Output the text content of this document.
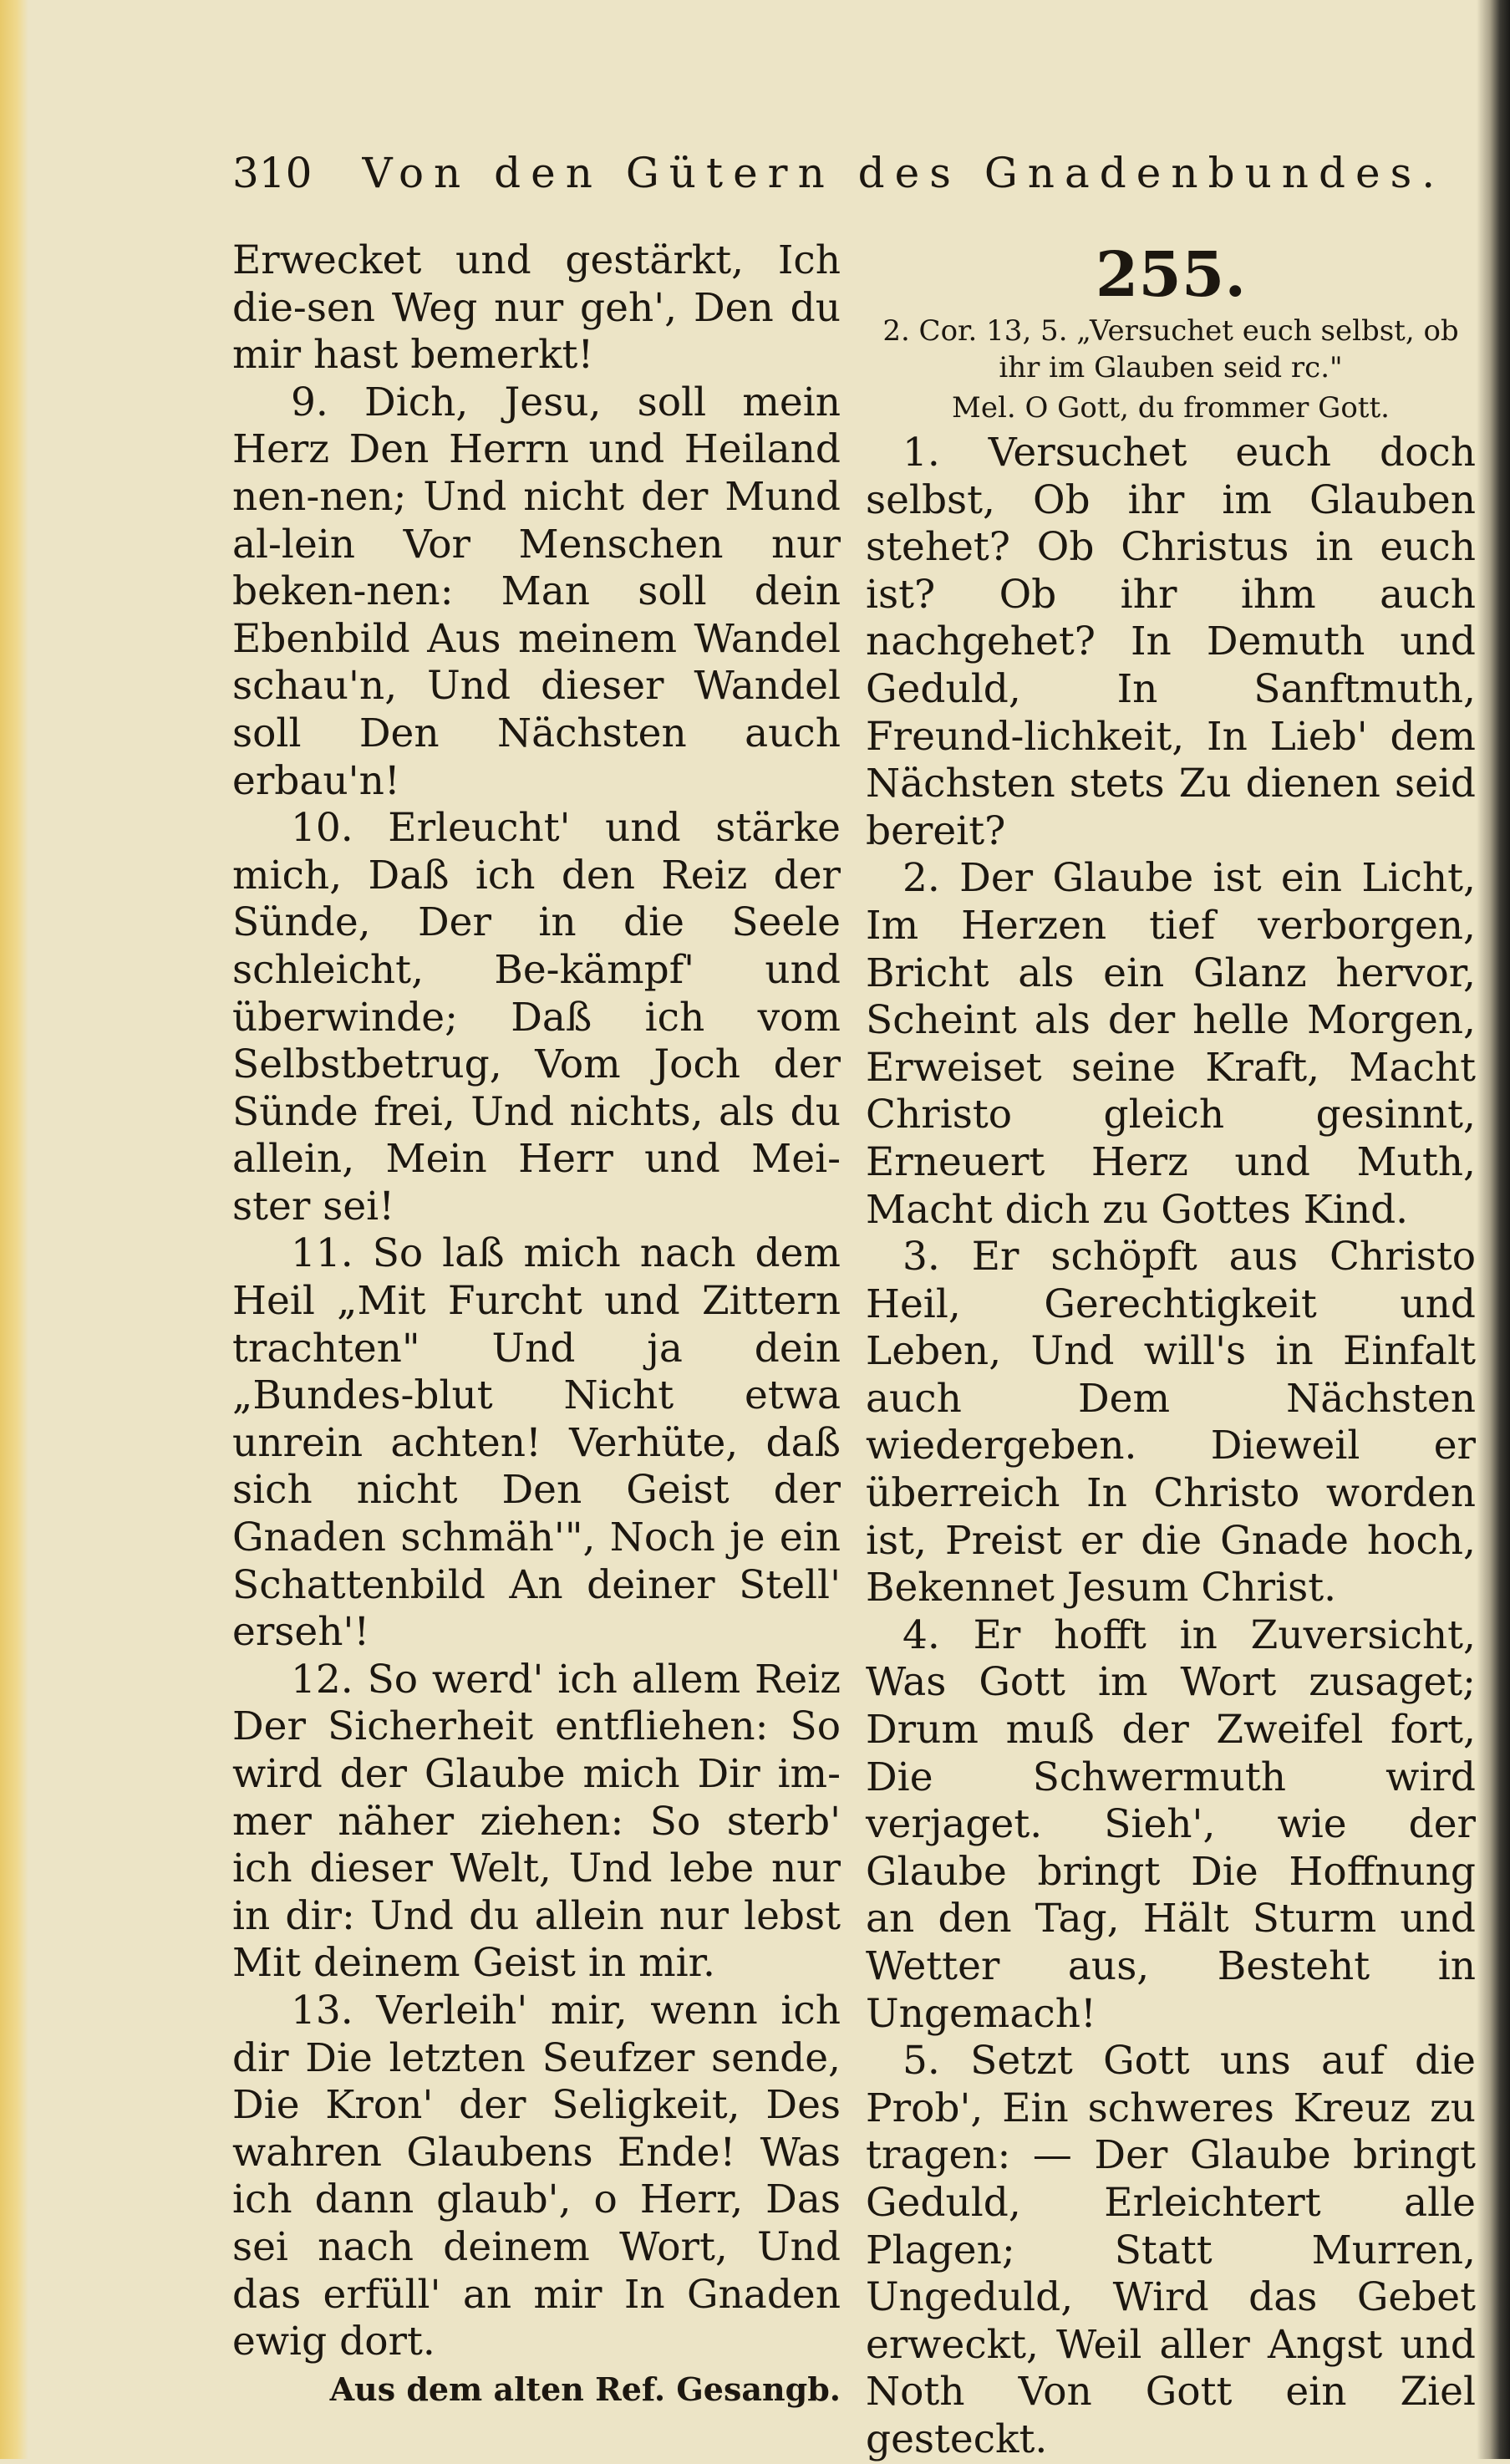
310 Von den Gütern des Gnadenbundes.

Erwecket und gestärkt, Ich die-sen Weg nur geh', Den du mir hast bemerkt!

9. Dich, Jesu, soll mein Herz Den Herrn und Heiland nen-nen; Und nicht der Mund al-lein Vor Menschen nur beken-nen: Man soll dein Ebenbild Aus meinem Wandel schau'n, Und dieser Wandel soll Den Nächsten auch erbau'n!

10. Erleucht' und stärke mich, Daß ich den Reiz der Sünde, Der in die Seele schleicht, Be-kämpf' und überwinde; Daß ich vom Selbstbetrug, Vom Joch der Sünde frei, Und nichts, als du allein, Mein Herr und Mei-ster sei!

11. So laß mich nach dem Heil „Mit Furcht und Zittern trachten" Und ja dein „Bundes-blut Nicht etwa unrein achten! Verhüte, daß sich nicht Den Geist der Gnaden schmäh'", Noch je ein Schattenbild An deiner Stell' erseh'!

12. So werd' ich allem Reiz Der Sicherheit entfliehen: So wird der Glaube mich Dir im-mer näher ziehen: So sterb' ich dieser Welt, Und lebe nur in dir: Und du allein nur lebst Mit deinem Geist in mir.

13. Verleih' mir, wenn ich dir Die letzten Seufzer sende, Die Kron' der Seligkeit, Des wahren Glaubens Ende! Was ich dann glaub', o Herr, Das sei nach deinem Wort, Und das erfüll' an mir In Gnaden ewig dort.

Aus dem alten Ref. Gesangb.

255.

2. Cor. 13, 5. „Versuchet euch selbst, ob ihr im Glauben seid rc."

Mel. O Gott, du frommer Gott.

1. Versuchet euch doch selbst, Ob ihr im Glauben stehet? Ob Christus in euch ist? Ob ihr ihm auch nachgehet? In Demuth und Geduld, In Sanftmuth, Freund-lichkeit, In Lieb' dem Nächsten stets Zu dienen seid bereit?

2. Der Glaube ist ein Licht, Im Herzen tief verborgen, Bricht als ein Glanz hervor, Scheint als der helle Morgen, Erweiset seine Kraft, Macht Christo gleich gesinnt, Erneuert Herz und Muth, Macht dich zu Gottes Kind.

3. Er schöpft aus Christo Heil, Gerechtigkeit und Leben, Und will's in Einfalt auch Dem Nächsten wiedergeben. Dieweil er überreich In Christo worden ist, Preist er die Gnade hoch, Bekennet Jesum Christ.

4. Er hofft in Zuversicht, Was Gott im Wort zusaget; Drum muß der Zweifel fort, Die Schwermuth wird verjaget. Sieh', wie der Glaube bringt Die Hoffnung an den Tag, Hält Sturm und Wetter aus, Besteht in Ungemach!

5. Setzt Gott uns auf die Prob', Ein schweres Kreuz zu tragen: — Der Glaube bringt Geduld, Erleichtert alle Plagen; Statt Murren, Ungeduld, Wird das Gebet erweckt, Weil aller Angst und Noth Von Gott ein Ziel gesteckt.
